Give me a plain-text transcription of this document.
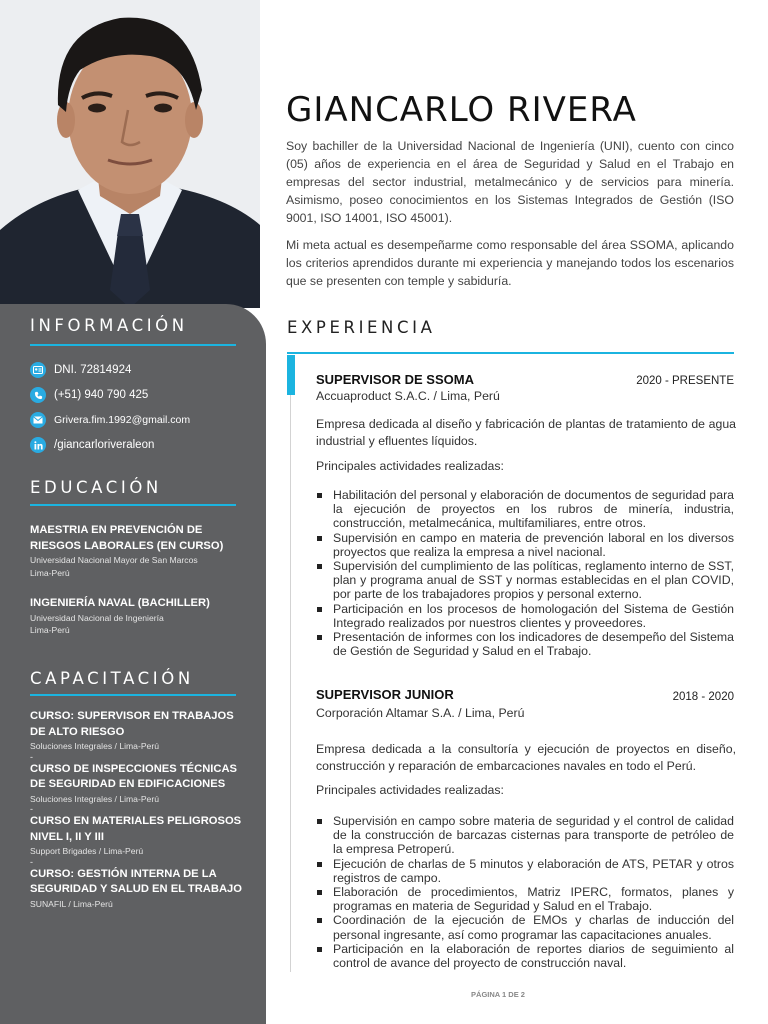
INFORMACIÓN
DNI. 72814924
(+51) 940 790 425
Grivera.fim.1992@gmail.com
/giancarloriveraleon
EDUCACIÓN
MAESTRIA EN PREVENCIÓN DE RIESGOS LABORALES (EN CURSO)
Universidad Nacional Mayor de San Marcos
Lima-Perú
INGENIERÍA NAVAL (BACHILLER)
Universidad Nacional de Ingeniería
Lima-Perú
CAPACITACIÓN
CURSO: SUPERVISOR EN TRABAJOS DE ALTO RIESGO
Soluciones Integrales / Lima-Perú
-
CURSO DE INSPECCIONES TÉCNICAS DE SEGURIDAD EN EDIFICACIONES
Soluciones Integrales / Lima-Perú
-
CURSO EN MATERIALES PELIGROSOS NIVEL I, II Y III
Support Brigades / Lima-Perú
-
CURSO: GESTIÓN INTERNA DE LA SEGURIDAD Y SALUD EN EL TRABAJO
SUNAFIL / Lima-Perú
GIANCARLO RIVERA
Soy bachiller de la Universidad Nacional de Ingeniería (UNI), cuento con cinco (05) años de experiencia en el área de Seguridad y Salud en el Trabajo en empresas del sector industrial, metalmecánico y de servicios para minería. Asimismo, poseo conocimientos en los Sistemas Integrados de Gestión (ISO 9001, ISO 14001, ISO 45001).
Mi meta actual es desempeñarme como responsable del área SSOMA, aplicando los criterios aprendidos durante mi experiencia y manejando todos los escenarios que se presenten con temple y sabiduría.
EXPERIENCIA
SUPERVISOR DE SSOMA	2020 - PRESENTE
Accuaproduct S.A.C. / Lima, Perú
Empresa dedicada al diseño y fabricación de plantas de tratamiento de agua industrial y efluentes líquidos.
Principales actividades realizadas:
Habilitación del personal y elaboración de documentos de seguridad para la ejecución de proyectos en los rubros de minería, industria, construcción, metalmecánica, multifamiliares, entre otros.
Supervisión en campo en materia de prevención laboral en los diversos proyectos que realiza la empresa a nivel nacional.
Supervisión del cumplimiento de las políticas, reglamento interno de SST, plan y programa anual de SST y normas establecidas en el plan COVID, por parte de los trabajadores propios y personal externo.
Participación en los procesos de homologación del Sistema de Gestión Integrado realizados por nuestros clientes y proveedores.
Presentación de informes con los indicadores de desempeño del Sistema de Gestión de Seguridad y Salud en el Trabajo.
SUPERVISOR JUNIOR	2018 - 2020
Corporación Altamar S.A. / Lima, Perú
Empresa dedicada a la consultoría y ejecución de proyectos en diseño, construcción y reparación de embarcaciones navales en todo el Perú.
Principales actividades realizadas:
Supervisión en campo sobre materia de seguridad y el control de calidad de la construcción de barcazas cisternas para transporte de petróleo de la empresa Petroperú.
Ejecución de charlas de 5 minutos y elaboración de ATS, PETAR y otros registros de campo.
Elaboración de procedimientos, Matriz IPERC, formatos, planes y programas en materia de Seguridad y Salud en el Trabajo.
Coordinación de la ejecución de EMOs y charlas de inducción del personal ingresante, así como programar las capacitaciones anuales.
Participación en la elaboración de reportes diarios de seguimiento al control de avance del proyecto de construcción naval.
PÁGINA 1 DE 2
